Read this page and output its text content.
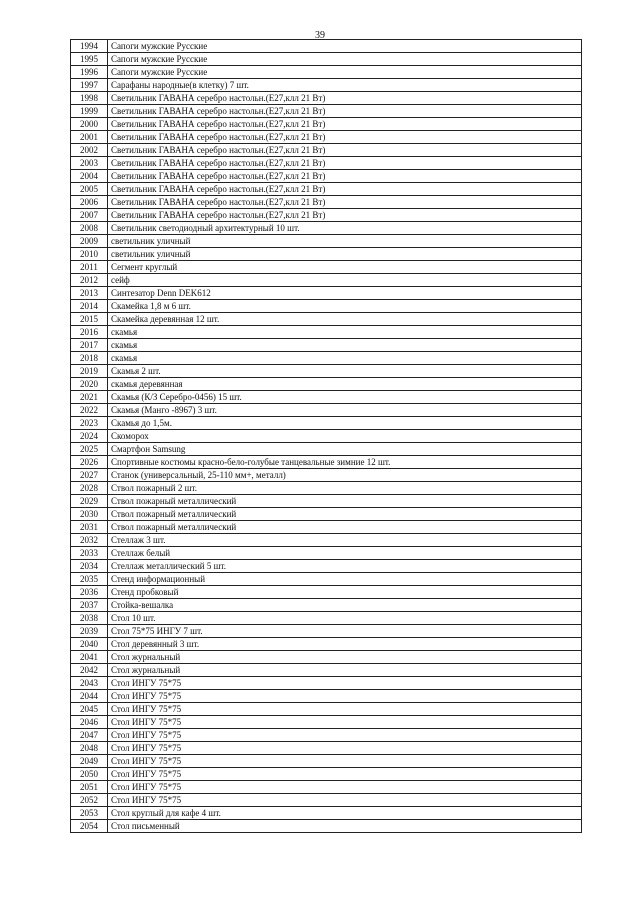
39
1994	Сапоги мужские Русские
1995	Сапоги мужские Русские
1996	Сапоги мужские Русские
1997	Сарафаны народные(в клетку) 7 шт.
1998	Светильник ГАВАНА серебро настольн.(Е27,клл 21 Вт)
1999	Светильник ГАВАНА серебро настольн.(Е27,клл 21 Вт)
2000	Светильник ГАВАНА серебро настольн.(Е27,клл 21 Вт)
2001	Светильник ГАВАНА серебро настольн.(Е27,клл 21 Вт)
2002	Светильник ГАВАНА серебро настольн.(Е27,клл 21 Вт)
2003	Светильник ГАВАНА серебро настольн.(Е27,клл 21 Вт)
2004	Светильник ГАВАНА серебро настольн.(Е27,клл 21 Вт)
2005	Светильник ГАВАНА серебро настольн.(Е27,клл 21 Вт)
2006	Светильник ГАВАНА серебро настольн.(Е27,клл 21 Вт)
2007	Светильник ГАВАНА серебро настольн.(Е27,клл 21 Вт)
2008	Светильник светодиодный архитектурный 10 шт.
2009	светильник уличный
2010	светильник уличный
2011	Сегмент круглый
2012	сейф
2013	Синтезатор Denn DEK612
2014	Скамейка 1,8 м 6 шт.
2015	Скамейка деревянная 12 шт.
2016	скамья
2017	скамья
2018	скамья
2019	Скамья 2 шт.
2020	скамья деревянная
2021	Скамья (К/З Серебро-0456) 15 шт.
2022	Скамья (Манго -8967) 3 шт.
2023	Скамья до 1,5м.
2024	Скоморох
2025	Смартфон Samsung
2026	Спортивные костюмы красно-бело-голубые танцевальные зимние 12 шт.
2027	Станок (универсальный, 25-110 мм+, металл)
2028	Ствол пожарный 2 шт.
2029	Ствол пожарный металлический
2030	Ствол пожарный металлический
2031	Ствол пожарный металлический
2032	Стеллаж 3 шт.
2033	Стеллаж белый
2034	Стеллаж металлический 5 шт.
2035	Стенд информационный
2036	Стенд пробковый
2037	Стойка-вешалка
2038	Стол 10 шт.
2039	Стол 75*75 ИНГУ 7 шт.
2040	Стол деревянный 3 шт.
2041	Стол журнальный
2042	Стол журнальный
2043	Стол ИНГУ 75*75
2044	Стол ИНГУ 75*75
2045	Стол ИНГУ 75*75
2046	Стол ИНГУ 75*75
2047	Стол ИНГУ 75*75
2048	Стол ИНГУ 75*75
2049	Стол ИНГУ 75*75
2050	Стол ИНГУ 75*75
2051	Стол ИНГУ 75*75
2052	Стол ИНГУ 75*75
2053	Стол круглый для кафе 4 шт.
2054	Стол письменный
